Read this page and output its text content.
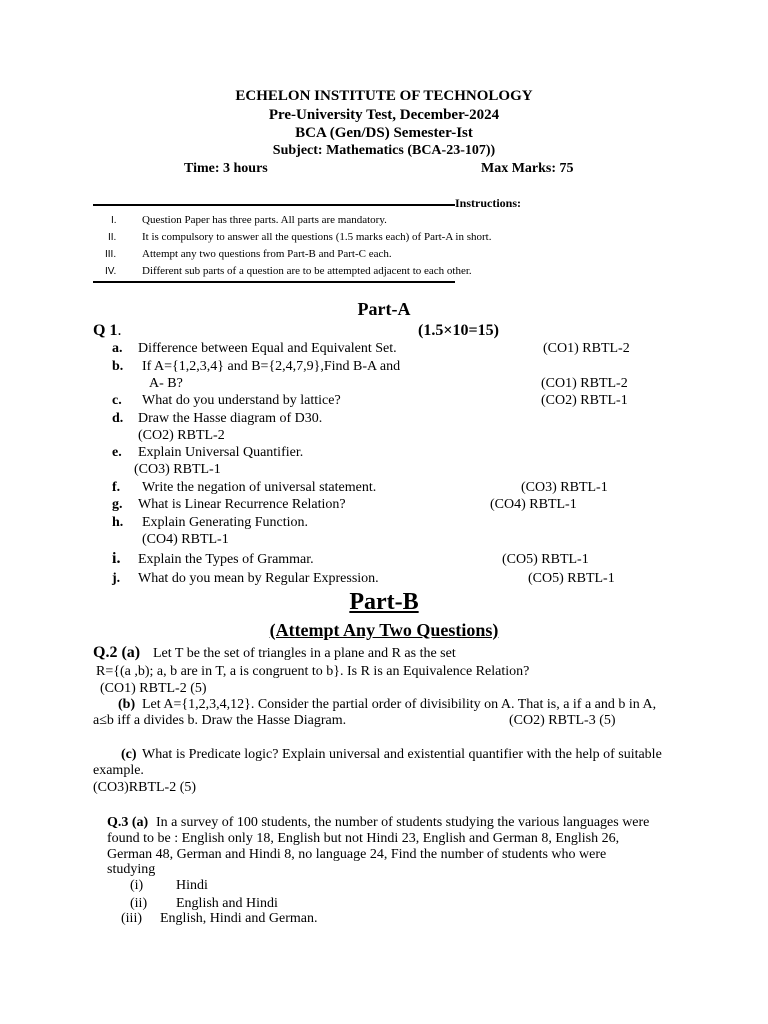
ECHELON INSTITUTE OF TECHNOLOGY
Pre-University Test, December-2024
BCA (Gen/DS) Semester-Ist
Subject: Mathematics (BCA-23-107))
Time: 3 hours	Max Marks: 75
Instructions:
I. Question Paper has three parts. All parts are mandatory.
II. It is compulsory to answer all the questions (1.5 marks each) of Part-A in short.
III. Attempt any two questions from Part-B and Part-C each.
IV. Different sub parts of a question are to be attempted adjacent to each other.
Part-A
Q 1.	(1.5×10=15)
a. Difference between Equal and Equivalent Set.	(CO1) RBTL-2
b. If A={1,2,3,4} and B={2,4,7,9},Find B-A and
A- B?	(CO1) RBTL-2
c. What do you understand by lattice?	(CO2) RBTL-1
d. Draw the Hasse diagram of D30.
(CO2) RBTL-2
e. Explain Universal Quantifier.
(CO3) RBTL-1
f. Write the negation of universal statement.	(CO3) RBTL-1
g. What is Linear Recurrence Relation?	(CO4) RBTL-1
h. Explain Generating Function.
(CO4) RBTL-1
i. Explain the Types of Grammar.	(CO5) RBTL-1
j. What do you mean by Regular Expression.	(CO5) RBTL-1
Part-B
(Attempt Any Two Questions)
Q.2 (a) Let T be the set of triangles in a plane and R as the set
R={(a ,b); a, b are in T, a is congruent to b}. Is R is an Equivalence Relation?
(CO1) RBTL-2 (5)
(b) Let A={1,2,3,4,12}. Consider the partial order of divisibility on A. That is, a if a and b in A,
a≤b iff a divides b. Draw the Hasse Diagram.	(CO2) RBTL-3 (5)
(c) What is Predicate logic? Explain universal and existential quantifier with the help of suitable
example.
(CO3)RBTL-2 (5)
Q.3 (a) In a survey of 100 students, the number of students studying the various languages were
found to be : English only 18, English but not Hindi 23, English and German 8, English 26,
German 48, German and Hindi 8, no language 24, Find the number of students who were
studying
(i) Hindi
(ii) English and Hindi
(iii) English, Hindi and German.
